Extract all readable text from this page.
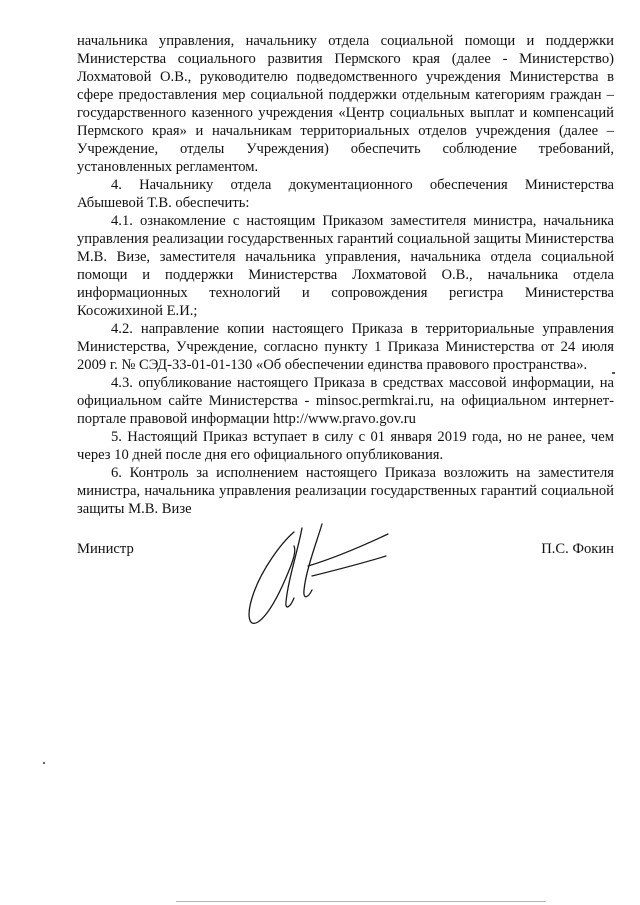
начальника управления, начальнику отдела социальной помощи и поддержки Министерства социального развития Пермского края (далее - Министерство) Лохматовой О.В., руководителю подведомственного учреждения Министерства в сфере предоставления мер социальной поддержки отдельным категориям граждан – государственного казенного учреждения «Центр социальных выплат и компенсаций Пермского края» и начальникам территориальных отделов учреждения (далее – Учреждение, отделы Учреждения) обеспечить соблюдение требований, установленных регламентом.

4. Начальнику отдела документационного обеспечения Министерства Абышевой Т.В. обеспечить:

4.1. ознакомление с настоящим Приказом заместителя министра, начальника управления реализации государственных гарантий социальной защиты Министерства М.В. Визе, заместителя начальника управления, начальника отдела социальной помощи и поддержки Министерства Лохматовой О.В., начальника отдела информационных технологий и сопровождения регистра Министерства Косожихиной Е.И.;

4.2. направление копии настоящего Приказа в территориальные управления Министерства, Учреждение, согласно пункту 1 Приказа Министерства от 24 июля 2009 г. № СЭД-33-01-01-130 «Об обеспечении единства правового пространства».

4.3. опубликование настоящего Приказа в средствах массовой информации, на официальном сайте Министерства - minsoc.permkrai.ru, на официальном интернет-портале правовой информации http://www.pravo.gov.ru

5. Настоящий Приказ вступает в силу с 01 января 2019 года, но не ранее, чем через 10 дней после дня его официального опубликования.

6. Контроль за исполнением настоящего Приказа возложить на заместителя министра, начальника управления реализации государственных гарантий социальной защиты М.В. Визе

Министр	П.С. Фокин
